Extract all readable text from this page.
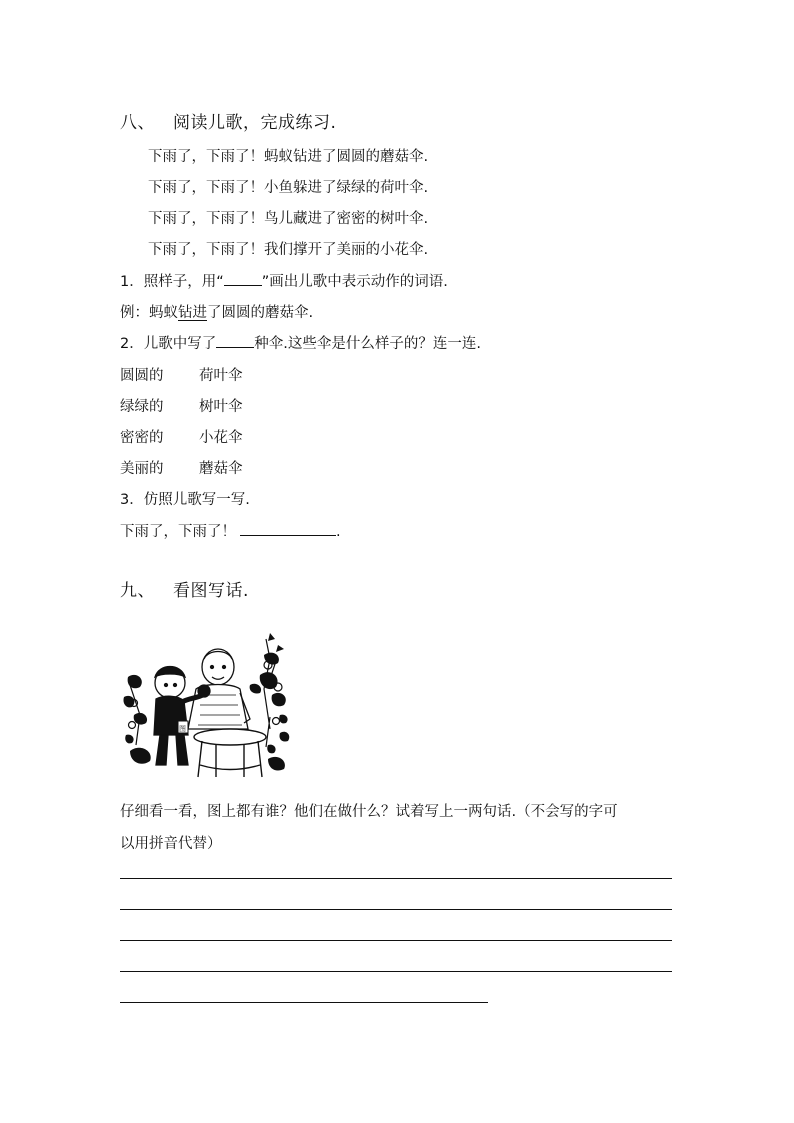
八、 阅读儿歌，完成练习.
下雨了，下雨了！蚂蚁钻进了圆圆的蘑菇伞.
下雨了，下雨了！小鱼躲进了绿绿的荷叶伞.
下雨了，下雨了！鸟儿藏进了密密的树叶伞.
下雨了，下雨了！我们撑开了美丽的小花伞.
1．照样子，用“	”画出儿歌中表示动作的词语.
例：蚂蚁钻进了圆圆的蘑菇伞.
2．儿歌中写了	种伞.这些伞是什么样子的？连一连.
圆圆的 荷叶伞
绿绿的 树叶伞
密密的 小花伞
美丽的 蘑菇伞
3．仿照儿歌写一写.
下雨了，下雨了！	.
九、 看图写话.
图
仔细看一看，图上都有谁？他们在做什么？试着写上一两句话.（不会写的字可
以用拼音代替）
